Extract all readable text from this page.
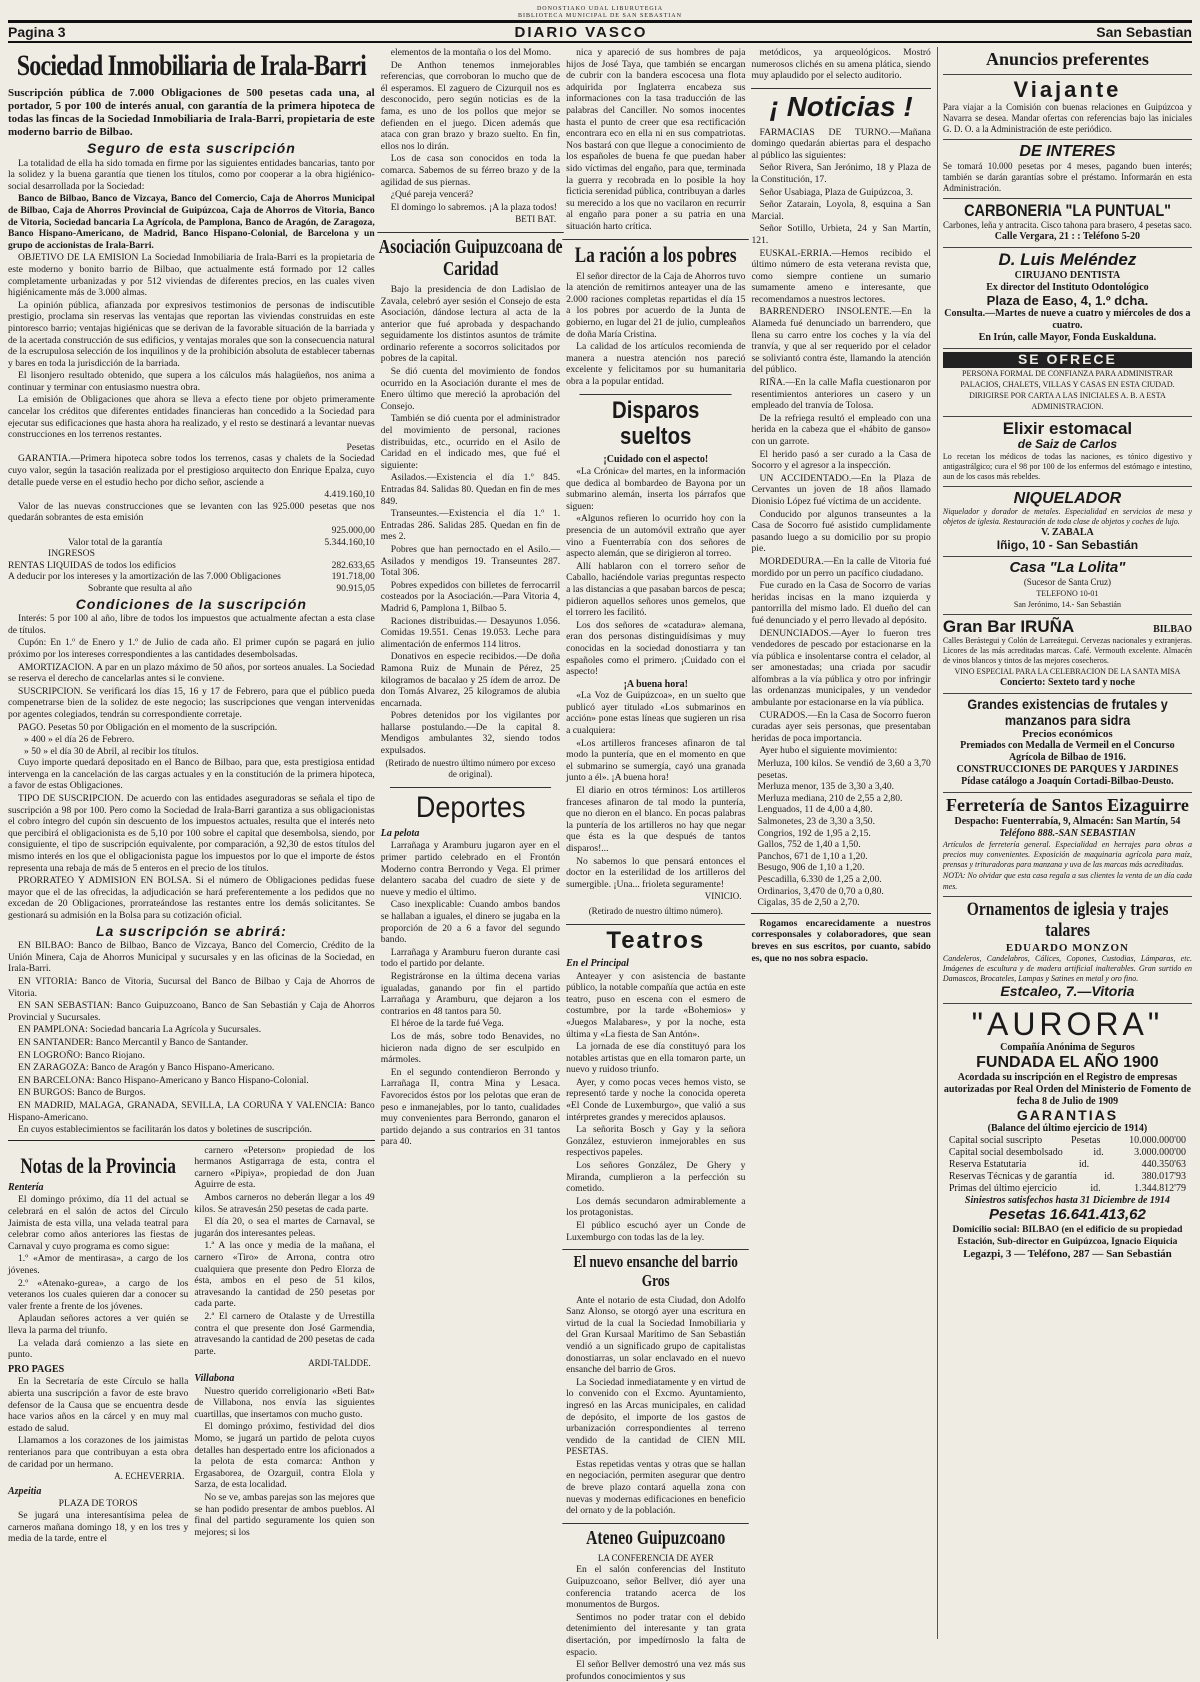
DONOSTIAKO UDAL LIBURUTEGIA
BIBLIOTECA MUNICIPAL DE SAN SEBASTIAN
Pagina 3	DIARIO VASCO	San Sebastian
Sociedad Inmobiliaria de Irala-Barri
Suscripción pública de 7.000 Obligaciones de 500 pesetas cada una, al portador, 5 por 100 de interés anual, con garantía de la primera hipoteca de todas las fincas de la Sociedad Inmobiliaria de Irala-Barri, propietaria de este moderno barrio de Bilbao.
Seguro de esta suscripción

La totalidad de ella ha sido tomada en firme por las siguientes entidades bancarias, tanto por la solidez y la buena garantía que tienen los títulos, como por cooperar a la obra higiénico-social desarrollada por la Sociedad:

Banco de Bilbao, Banco de Vizcaya, Banco del Comercio, Caja de Ahorros Municipal de Bilbao, Caja de Ahorros Provincial de Guipúzcoa, Caja de Ahorros de Vitoria, Banco de Vitoria, Sociedad bancaria La Agrícola, de Pamplona, Banco de Aragón, de Zaragoza, Banco Hispano-Americano, de Madrid, Banco Hispano-Colonial, de Barcelona y un grupo de accionistas de Irala-Barri.

OBJETIVO DE LA EMISION La Sociedad Inmobiliaria de Irala-Barri es la propietaria de este moderno y bonito barrio de Bilbao, que actualmente está formado por 12 calles completamente urbanizadas y por 512 viviendas de diferentes precios, en las cuales viven higiénicamente más de 3.000 almas.

La opinión pública, afianzada por expresivos testimonios de personas de indiscutible prestigio, proclama sin reservas las ventajas que reportan las viviendas construidas en este pintoresco barrio; ventajas higiénicas que se derivan de la favorable situación de la barriada y de la acertada construcción de sus edificios, y ventajas morales que son la consecuencia natural de la escrupulosa selección de los inquilinos y de la prohibición absoluta de establecer tabernas y bares en toda la jurisdicción de la barriada.

El lisonjero resultado obtenido, que supera a los cálculos más halagüeños, nos anima a continuar y terminar con entusiasmo nuestra obra.

La emisión de Obligaciones que ahora se lleva a efecto tiene por objeto primeramente cancelar los créditos que diferentes entidades financieras han concedido a la Sociedad para ejecutar sus edificaciones que hasta ahora ha realizado, y el resto se destinará a levantar nuevas construcciones en los terrenos restantes.

Pesetas

GARANTIA.—Primera hipoteca sobre todos los terrenos, casas y chalets de la Sociedad cuyo valor, según la tasación realizada por el prestigioso arquitecto don Enrique Epalza, cuyo detalle puede verse en el estudio hecho por dicho señor, asciende a

4.419.160,10

Valor de las nuevas construcciones que se levanten con las 925.000 pesetas que nos quedarán sobrantes de esta emisión

925.000,00
Valor total de la garantía	5.344.160,10
INGRESOS
RENTAS LIQUIDAS de todos los edificios	282.633,65
A deducir por los intereses y la amortización de las 7.000 Obligaciones	191.718,00
Sobrante que resulta al año	90.915,05
Condiciones de la suscripción

Interés: 5 por 100 al año, libre de todos los impuestos que actualmente afectan a esta clase de títulos.

Cupón: En 1.º de Enero y 1.º de Julio de cada año. El primer cupón se pagará en julio próximo por los intereses correspondientes a las cantidades desembolsadas.

AMORTIZACION. A par en un plazo máximo de 50 años, por sorteos anuales. La Sociedad se reserva el derecho de cancelarlas antes si le conviene.

SUSCRIPCION. Se verificará los días 15, 16 y 17 de Febrero, para que el público pueda compenetrarse bien de la solidez de este negocio; las suscripciones que vengan intervenidas por agentes colegiados, tendrán su correspondiente corretaje.

PAGO. Pesetas 50 por Obligación en el momento de la suscripción.

» 400 » el día 26 de Febrero.
» 50 » el día 30 de Abril, al recibir los títulos.

Cuyo importe quedará depositado en el Banco de Bilbao, para que, esta prestigiosa entidad intervenga en la cancelación de las cargas actuales y en la constitución de la primera hipoteca, a favor de estas Obligaciones.

TIPO DE SUSCRIPCION. De acuerdo con las entidades aseguradoras se señala el tipo de suscripción a 98 por 100. Pero como la Sociedad de Irala-Barri garantiza a sus obligacionistas el cobro íntegro del cupón sin descuento de los impuestos actuales, resulta que el interés neto que percibirá el obligacionista es de 5,10 por 100 sobre el capital que desembolsa, siendo, por consiguiente, el tipo de suscripción equivalente, por comparación, a 92,30 de estos títulos del mismo interés en los que el obligacionista pague los impuestos por lo que el importe de éstos representa una rebaja de más de 5 enteros en el precio de los títulos.

PRORRATEO Y ADMISION EN BOLSA. Si el número de Obligaciones pedidas fuese mayor que el de las ofrecidas, la adjudicación se hará preferentemente a los pedidos que no excedan de 20 Obligaciones, prorrateándose las restantes entre los demás solicitantes. Se gestionará su admisión en la Bolsa para su cotización oficial.

La suscripción se abrirá:

EN BILBAO: Banco de Bilbao, Banco de Vizcaya, Banco del Comercio, Crédito de la Unión Minera, Caja de Ahorros Municipal y sucursales y en las oficinas de la Sociedad, en Irala-Barri.

EN VITORIA: Banco de Vitoria, Sucursal del Banco de Bilbao y Caja de Ahorros de Vitoria.

EN SAN SEBASTIAN: Banco Guipuzcoano, Banco de San Sebastián y Caja de Ahorros Provincial y Sucursales.

EN PAMPLONA: Sociedad bancaria La Agrícola y Sucursales.

EN SANTANDER: Banco Mercantil y Banco de Santander.

EN LOGROÑO: Banco Riojano.

EN ZARAGOZA: Banco de Aragón y Banco Hispano-Americano.

EN BARCELONA: Banco Hispano-Americano y Banco Hispano-Colonial.

EN BURGOS: Banco de Burgos.

EN MADRID, MALAGA, GRANADA, SEVILLA, LA CORUÑA Y VALENCIA: Banco Hispano-Americano.

En cuyos establecimientos se facilitarán los datos y boletines de suscripción.

Notas de la Provincia
Rentería

El domingo próximo, día 11 del actual se celebrará en el salón de actos del Círculo Jaimista de esta villa, una velada teatral para celebrar como años anteriores las fiestas de Carnaval y cuyo programa es como sigue:

1.º «Amor de mentirasa», a cargo de los jóvenes.

2.º «Atenako-gurea», a cargo de los veteranos los cuales quieren dar a conocer su valer frente a frente de los jóvenes.

Aplaudan señores actores a ver quién se lleva la parma del triunfo.

La velada dará comienzo a las siete en punto.

PRO PAGES

En la Secretaría de este Círculo se halla abierta una suscripción a favor de este bravo defensor de la Causa que se encuentra desde hace varios años en la cárcel y en muy mal estado de salud.

Llamamos a los corazones de los jaimistas renterianos para que contribuyan a esta obra de caridad por un hermano.

A. ECHEVERRIA.
Azpeitia
PLAZA DE TOROS

Se jugará una interesantísima pelea de carneros mañana domingo 18, y en los tres y media de la tarde, entre el

carnero «Peterson» propiedad de los hermanos Astigarraga de esta, contra el carnero «Pipiya», propiedad de don Juan Aguirre de esta.

Ambos carneros no deberán llegar a los 49 kilos. Se atravesán 250 pesetas de cada parte.

El día 20, o sea el martes de Carnaval, se jugarán dos interesantes peleas.

1.ª A las once y media de la mañana, el carnero «Tiro» de Arrona, contra otro cualquiera que presente don Pedro Elorza de ésta, ambos en el peso de 51 kilos, atravesando la cantidad de 250 pesetas por cada parte.

2.ª El carnero de Otalaste y de Urrestilla contra el que presente don José Garmendia, atravesando la cantidad de 200 pesetas de cada parte.

ARDI-TALDDE.
Villabona

Nuestro querido correligionario «Beti Bat» de Villabona, nos envía las siguientes cuartillas, que insertamos con mucho gusto.

El domingo próximo, festividad del dios Momo, se jugará un partido de pelota cuyos detalles han despertado entre los aficionados a la pelota de esta comarca: Anthon y Ergasaborea, de Ozarguil, contra Elola y Sarza, de esta localidad.

No se ve, ambas parejas son las mejores que se han podido presentar de ambos pueblos. Al final del partido seguramente los quien son mejores; si los

elementos de la montaña o los del Momo.

De Anthon tenemos inmejorables referencias, que corroboran lo mucho que de él esperamos. El zaguero de Cizurquil nos es desconocido, pero según noticias es de la fama, es uno de los pollos que mejor se defienden en el juego. Dicen además que ataca con gran brazo y brazo suelto. En fin, ellos nos lo dirán.

Los de casa son conocidos en toda la comarca. Sabemos de su férreo brazo y de la agilidad de sus piernas.

¿Qué pareja vencerá?

El domingo lo sabremos. ¡A la plaza todos!

BETI BAT.
Asociación Guipuzcoana de Caridad

Bajo la presidencia de don Ladislao de Zavala, celebró ayer sesión el Consejo de esta Asociación, dándose lectura al acta de la anterior que fué aprobada y despachando seguidamente los distintos asuntos de trámite ordinario referente a socorros solicitados por pobres de la capital.

Se dió cuenta del movimiento de fondos ocurrido en la Asociación durante el mes de Enero último que mereció la aprobación del Consejo.

También se dió cuenta por el administrador del movimiento de personal, raciones distribuidas, etc., ocurrido en el Asilo de Caridad en el indicado mes, que fué el siguiente:

Asilados.—Existencia el día 1.º 845. Entradas 84. Salidas 80. Quedan en fin de mes 849.

Transeuntes.—Existencia el día 1.º 1. Entradas 286. Salidas 285. Quedan en fin de mes 2.

Pobres que han pernoctado en el Asilo.—Asilados y mendigos 19. Transeuntes 287. Total 306.

Pobres expedidos con billetes de ferrocarril costeados por la Asociación.—Para Vitoria 4, Madrid 6, Pamplona 1, Bilbao 5.

Raciones distribuidas.— Desayunos 1.056. Comidas 19.551. Cenas 19.053. Leche para alimentación de enfermos 114 litros.

Donativos en especie recibidos.—De doña Ramona Ruiz de Munain de Pérez, 25 kilogramos de bacalao y 25 ídem de arroz. De don Tomás Alvarez, 25 kilogramos de alubia encarnada.

Pobres detenidos por los vigilantes por hallarse postulando.—De la capital 8. Mendigos ambulantes 32, siendo todos expulsados.

(Retirado de nuestro último número por exceso de original).
Deportes
La pelota

Larrañaga y Aramburu jugaron ayer en el primer partido celebrado en el Frontón Moderno contra Berrondo y Vega. El primer delantero sacaba del cuadro de siete y de nueve y medio el último.

Caso inexplicable: Cuando ambos bandos se hallaban a iguales, el dinero se jugaba en la proporción de 20 a 6 a favor del segundo bando.

Larrañaga y Aramburu fueron durante casi todo el partido por delante.

Registráronse en la última decena varias igualadas, ganando por fin el partido Larrañaga y Aramburu, que dejaron a los contrarios en 48 tantos para 50.

El héroe de la tarde fué Vega.

Los de más, sobre todo Benavides, no hicieron nada digno de ser esculpido en mármoles.

En el segundo contendieron Berrondo y Larrañaga II, contra Mina y Lesaca. Favorecidos éstos por los pelotas que eran de peso e inmanejables, por lo tanto, cualidades muy convenientes para Berrondo, ganaron el partido dejando a sus contrarios en 31 tantos para 40.

nica y apareció de sus hombres de paja hijos de José Taya, que también se encargan de cubrir con la bandera escocesa una flota adquirida por Inglaterra encabeza sus informaciones con la tasa traducción de las palabras del Canciller. No somos inocentes hasta el punto de creer que esa rectificación encontrara eco en ella ni en sus compatriotas. Nos bastará con que llegue a conocimiento de los españoles de buena fe que puedan haber sido víctimas del engaño, para que, terminada la guerra y recobrada en lo posible la hoy ficticia serenidad pública, contribuyan a darles su merecido a los que no vacilaron en recurrir al engaño para poner a su patria en una situación harto crítica.

La ración a los pobres

El señor director de la Caja de Ahorros tuvo la atención de remitirnos anteayer una de las 2.000 raciones completas repartidas el día 15 a los pobres por acuerdo de la Junta de gobierno, en lugar del 21 de julio, cumpleaños de doña María Cristina.

La calidad de los artículos recomienda de manera a nuestra atención nos pareció excelente y felicitamos por su humanitaria obra a la popular entidad.

Disparos sueltos
¡Cuidado con el aspecto!

«La Crónica» del martes, en la información que dedica al bombardeo de Bayona por un submarino alemán, inserta los párrafos que siguen:

«Algunos refieren lo ocurrido hoy con la presencia de un automóvil extraño que ayer vino a Fuenterrabía con dos señores de aspecto alemán, que se dirigieron al torreo.

Allí hablaron con el torrero señor de Caballo, haciéndole varias preguntas respecto a las distancias a que pasaban barcos de pesca; pidieron aquellos señores unos gemelos, que el torrero les facilitó.

Los dos señores de «catadura» alemana, eran dos personas distinguidísimas y muy conocidas en la sociedad donostiarra y tan españoles como el primero. ¡Cuidado con el aspecto!

¡A buena hora!

«La Voz de Guipúzcoa», en un suelto que publicó ayer titulado «Los submarinos en acción» pone estas líneas que sugieren un risa a cualquiera:

«Los artilleros franceses afinaron de tal modo la puntería, que en el momento en que el submarino se sumergía, cayó una granada junto a él». ¡A buena hora!

El diario en otros términos: Los artilleros franceses afinaron de tal modo la puntería, que no dieron en el blanco. En pocas palabras la puntería de los artilleros no hay que negar que ésta es la que después de tantos disparos!...

No sabemos lo que pensará entonces el doctor en la esterilidad de los artilleros del sumergible. ¡Una... frioleta seguramente!

VINICIO.
(Retirado de nuestro último número).
Teatros
En el Principal

Anteayer y con asistencia de bastante público, la notable compañía que actúa en este teatro, puso en escena con el esmero de costumbre, por la tarde «Bohemios» y «Juegos Malabares», y por la noche, esta última y «La fiesta de San Antón».

La jornada de ese día constituyó para los notables artistas que en ella tomaron parte, un nuevo y ruidoso triunfo.

Ayer, y como pocas veces hemos visto, se representó tarde y noche la conocida opereta «El Conde de Luxemburgo», que valió a sus intérpretes grandes y merecidos aplausos.

La señorita Bosch y Gay y la señora González, estuvieron inmejorables en sus respectivos papeles.

Los señores González, De Ghery y Miranda, cumplieron a la perfección su cometido.

Los demás secundaron admirablemente a los protagonistas.

El público escuchó ayer un Conde de Luxemburgo con todas las de la ley.

El nuevo ensanche del barrio Gros

Ante el notario de esta Ciudad, don Adolfo Sanz Alonso, se otorgó ayer una escritura en virtud de la cual la Sociedad Inmobiliaria y del Gran Kursaal Marítimo de San Sebastián vendió a un significado grupo de capitalistas donostiarras, un solar enclavado en el nuevo ensanche del barrio de Gros.

La Sociedad inmediatamente y en virtud de lo convenido con el Excmo. Ayuntamiento, ingresó en las Arcas municipales, en calidad de depósito, el importe de los gastos de urbanización correspondientes al terreno vendido de la cantidad de CIEN MIL PESETAS.

Estas repetidas ventas y otras que se hallan en negociación, permiten asegurar que dentro de breve plazo contará aquella zona con nuevas y modernas edificaciones en beneficio del ornato y de la población.

Ateneo Guipuzcoano
LA CONFERENCIA DE AYER

En el salón conferencias del Instituto Guipuzcoano, señor Bellver, dió ayer una conferencia tratando acerca de los monumentos de Burgos.

Sentimos no poder tratar con el debido detenimiento del interesante y tan grata disertación, por impedírnoslo la falta de espacio.

El señor Bellver demostró una vez más sus profundos conocimientos y sus

metódicos, ya arqueológicos. Mostró numerosos clichés en su amena plática, siendo muy aplaudido por el selecto auditorio.

¡ Noticias !

FARMACIAS DE TURNO.—Mañana domingo quedarán abiertas para el despacho al público las siguientes:

Señor Rivera, San Jerónimo, 18 y Plaza de la Constitución, 17.

Señor Usabiaga, Plaza de Guipúzcoa, 3.

Señor Zatarain, Loyola, 8, esquina a San Marcial.

Señor Sotillo, Urbieta, 24 y San Martín, 121.

EUSKAL-ERRIA.—Hemos recibido el último número de esta veterana revista que, como siempre contiene un sumario sumamente ameno e interesante, que recomendamos a nuestros lectores.

BARRENDERO INSOLENTE.—En la Alameda fué denunciado un barrendero, que llena su carro entre los coches y la vía del tranvía, y que al ser requerido por el celador se soliviantó contra éste, llamando la atención del público.

RIÑA.—En la calle Mafla cuestionaron por resentimientos anteriores un casero y un empleado del tranvía de Tolosa.

De la refriega resultó el empleado con una herida en la cabeza que el «hábito de ganso» con un garrote.

El herido pasó a ser curado a la Casa de Socorro y el agresor a la inspección.

UN ACCIDENTADO.—En la Plaza de Cervantes un joven de 18 años llamado Dionisio López fué víctima de un accidente.

Conducido por algunos transeuntes a la Casa de Socorro fué asistido cumplidamente pasando luego a su domicilio por su propio pie.

MORDEDURA.—En la calle de Vitoria fué mordido por un perro un pacífico ciudadano.

Fue curado en la Casa de Socorro de varias heridas incisas en la mano izquierda y pantorrilla del mismo lado. El dueño del can fué denunciado y el perro llevado al depósito.

DENUNCIADOS.—Ayer lo fueron tres vendedores de pescado por estacionarse en la vía pública e insolentarse contra el celador, al ser amonestadas; una criada por sacudir alfombras a la vía pública y otro por infringir las ordenanzas municipales, y un vendedor ambulante por estacionarse en la vía pública.

CURADOS.—En la Casa de Socorro fueron curadas ayer seis personas, que presentaban heridas de poca importancia.

Ayer hubo el siguiente movimiento:

Merluza, 100 kilos. Se vendió de 3,60 a 3,70 pesetas.
Merluza menor, 135 de 3,30 a 3,40.
Merluza mediana, 210 de 2,55 a 2,80.
Lenguados, 11 de 4,00 a 4,80.
Salmonetes, 23 de 3,30 a 3,50.
Congrios, 192 de 1,95 a 2,15.
Gallos, 752 de 1,40 a 1,50.
Panchos, 671 de 1,10 a 1,20.
Besugo, 906 de 1,10 a 1,20.
Pescadilla, 6.330 de 1,25 a 2,00.
Ordinarios, 3,470 de 0,70 a 0,80.
Cigalas, 35 de 2,50 a 2,70.

Rogamos encarecidamente a nuestros corresponsales y colaboradores, que sean breves en sus escritos, por cuanto, sabido es, que no nos sobra espacio.

Anuncios preferentes
Viajante
Para viajar a la Comisión con buenas relaciones en Guipúzcoa y Navarra se desea. Mandar ofertas con referencias bajo las iniciales G. D. O. a la Administración de este periódico.
DE INTERES
Se tomará 10.000 pesetas por 4 meses, pagando buen interés; también se darán garantías sobre el préstamo. Informarán en esta Administración.
CARBONERIA "LA PUNTUAL"
Carbones, leña y antracita. Cisco tahona para brasero, 4 pesetas saco.
Calle Vergara, 21 : : Teléfono 5-20
D. Luis Meléndez
CIRUJANO DENTISTA
Ex director del Instituto Odontológico
Plaza de Easo, 4, 1.º dcha.
Consulta.—Martes de nueve a cuatro y miércoles de dos a cuatro.
En Irún, calle Mayor, Fonda Euskalduna.
SE OFRECE
PERSONA FORMAL DE CONFIANZA PARA ADMINISTRAR PALACIOS, CHALETS, VILLAS Y CASAS EN ESTA CIUDAD. DIRIGIRSE POR CARTA A LAS INICIALES A. B. A ESTA ADMINISTRACION.
Elixir estomacal
de Saiz de Carlos
Lo recetan los médicos de todas las naciones, es tónico digestivo y antigastrálgico; cura el 98 por 100 de los enfermos del estómago e intestino, aun de los casos más rebeldes.
NIQUELADOR
Niquelador y dorador de metales. Especialidad en servicios de mesa y objetos de iglesia. Restauración de toda clase de objetos y coches de lujo.
V. ZABALA
Iñigo, 10 - San Sebastián
Casa "La Lolita"
(Sucesor de Santa Cruz)
TELEFONO 10-01
San Jerónimo, 14.- San Sebastián
Gran Bar IRUÑA	BILBAO
Calles Berástegui y Colón de Larreátegui. Cervezas nacionales y extranjeras. Licores de las más acreditadas marcas. Café. Vermouth excelente. Almacén de vinos blancos y tintos de las mejores cosecheros.
VINO ESPECIAL PARA LA CELEBRACION DE LA SANTA MISA
Concierto: Sexteto tard y noche
Grandes existencias de frutales y manzanos para sidra
Precios económicos
Premiados con Medalla de Vermeil en el Concurso Agrícola de Bilbao de 1916.
CONSTRUCCIONES DE PARQUES Y JARDINES
Pídase catálogo a Joaquín Cortadi-Bilbao-Deusto.
Ferretería de Santos Eizaguirre
Despacho: Fuenterrabía, 9, Almacén: San Martín, 54
Teléfono 888.-SAN SEBASTIAN
Artículos de ferretería general. Especialidad en herrajes para obras a precios muy convenientes. Exposición de maquinaria agrícola para maíz, prensas y trituradoras para manzana y uva de las marcas más acreditadas.
NOTA: No olvidar que esta casa regala a sus clientes la venta de un día cada mes.
Ornamentos de iglesia y trajes talares
EDUARDO MONZON
Candeleros, Candelabros, Cálices, Copones, Custodias, Lámparas, etc. Imágenes de escultura y de madera artificial inalterables. Gran surtido en Damascos, Brocateles, Lampas y Satines en metal y oro fino.
Estcaleo, 7.—Vitoria
"AURORA"
Compañía Anónima de Seguros
FUNDADA EL AÑO 1900
Acordada su inscripción en el Registro de empresas autorizadas por Real Orden del Ministerio de Fomento de fecha 8 de Julio de 1909
GARANTIAS
(Balance del último ejercicio de 1914)
Capital social suscripto	Pesetas	10.000.000'00
Capital social desembolsado	id.	3.000.000'00
Reserva Estatutaria	id.	440.350'63
Reservas Técnicas y de garantía	id.	380.017'93
Primas del último ejercicio	id.	1.344.812'79
Siniestros satisfechos hasta 31 Diciembre de 1914
Pesetas 16.641.413,62
Domicilio social: BILBAO (en el edificio de su propiedad Estación, Sub-director en Guipúzcoa, Ignacio Eiquicia
Legazpi, 3 — Teléfono, 287 — San Sebastián
